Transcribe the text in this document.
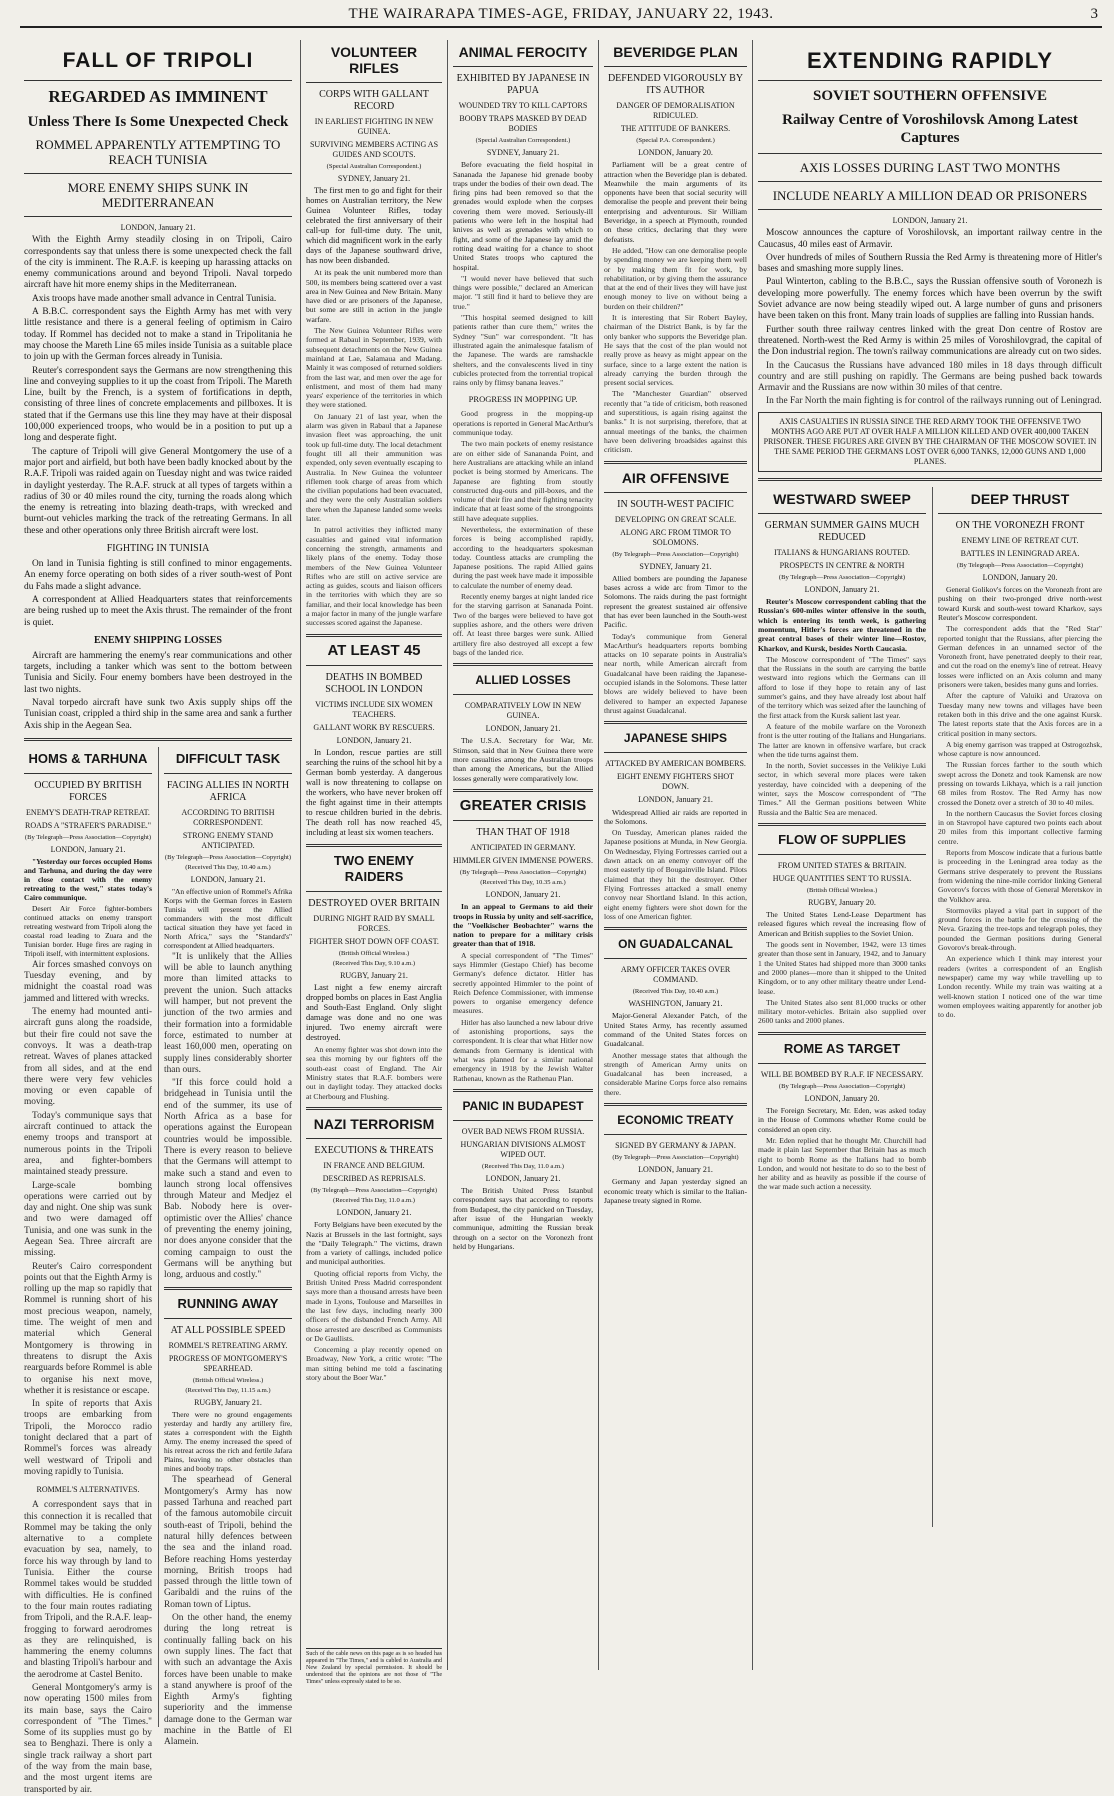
THE WAIRARAPA TIMES-AGE, FRIDAY, JANUARY 22, 1943.	3
FALL OF TRIPOLI
REGARDED AS IMMINENT
Unless There Is Some Unexpected Check
ROMMEL APPARENTLY ATTEMPTING TO REACH TUNISIA
MORE ENEMY SHIPS SUNK IN MEDITERRANEAN
LONDON, January 21.

With the Eighth Army steadily closing in on Tripoli, Cairo correspondents say that unless there is some unexpected check the fall of the city is imminent. The R.A.F. is keeping up harassing attacks on enemy communications around and beyond Tripoli. Naval torpedo aircraft have hit more enemy ships in the Mediterranean.

Axis troops have made another small advance in Central Tunisia.

A B.B.C. correspondent says the Eighth Army has met with very little resistance and there is a general feeling of optimism in Cairo today. If Rommel has decided not to make a stand in Tripolitania he may choose the Mareth Line 65 miles inside Tunisia as a suitable place to join up with the German forces already in Tunisia.

Reuter's correspondent says the Germans are now strengthening this line and conveying supplies to it up the coast from Tripoli. The Mareth Line, built by the French, is a system of fortifications in depth, consisting of three lines of concrete emplacements and pillboxes. It is stated that if the Germans use this line they may have at their disposal 100,000 experienced troops, who would be in a position to put up a long and desperate fight.

The capture of Tripoli will give General Montgomery the use of a major port and airfield, but both have been badly knocked about by the R.A.F. Tripoli was raided again on Tuesday night and was twice raided in daylight yesterday. The R.A.F. struck at all types of targets within a radius of 30 or 40 miles round the city, turning the roads along which the enemy is retreating into blazing death-traps, with wrecked and burnt-out vehicles marking the track of the retreating Germans. In all these and other operations only three British aircraft were lost.

FIGHTING IN TUNISIA

On land in Tunisia fighting is still confined to minor engagements. An enemy force operating on both sides of a river south-west of Pont du Fahs made a slight advance.

A correspondent at Allied Headquarters states that reinforcements are being rushed up to meet the Axis thrust. The remainder of the front is quiet.

ENEMY SHIPPING LOSSES

Aircraft are hammering the enemy's rear communications and other targets, including a tanker which was sent to the bottom between Tunisia and Sicily. Four enemy bombers have been destroyed in the last two nights.

Naval torpedo aircraft have sunk two Axis supply ships off the Tunisian coast, crippled a third ship in the same area and sank a further Axis ship in the Aegean Sea.

HOMS & TARHUNA
OCCUPIED BY BRITISH FORCES
ENEMY'S DEATH-TRAP RETREAT.
ROADS A "STRAFER'S PARADISE."
(By Telegraph—Press Association—Copyright)
LONDON, January 21.

"Yesterday our forces occupied Homs and Tarhuna, and during the day were in close contact with the enemy retreating to the west," states today's Cairo communique.

Desert Air Force fighter-bombers continued attacks on enemy transport retreating westward from Tripoli along the coastal road leading to Zuara and the Tunisian border. Huge fires are raging in Tripoli itself, with intermittent explosions.

Air forces smashed convoys on Tuesday evening, and by midnight the coastal road was jammed and littered with wrecks.

The enemy had mounted anti-aircraft guns along the roadside, but their fire could not save the convoys. It was a death-trap retreat. Waves of planes attacked from all sides, and at the end there were very few vehicles moving or even capable of moving.

Today's communique says that aircraft continued to attack the enemy troops and transport at numerous points in the Tripoli area, and fighter-bombers maintained steady pressure.

Large-scale bombing operations were carried out by day and night. One ship was sunk and two were damaged off Tunisia, and one was sunk in the Aegean Sea. Three aircraft are missing.

Reuter's Cairo correspondent points out that the Eighth Army is rolling up the map so rapidly that Rommel is running short of his most precious weapon, namely, time. The weight of men and material which General Montgomery is throwing in threatens to disrupt the Axis rearguards before Rommel is able to organise his next move, whether it is resistance or escape.

In spite of reports that Axis troops are embarking from Tripoli, the Morocco radio tonight declared that a part of Rommel's forces was already well westward of Tripoli and moving rapidly to Tunisia.

ROMMEL'S ALTERNATIVES.

A correspondent says that in this connection it is recalled that Rommel may be taking the only alternative to a complete evacuation by sea, namely, to force his way through by land to Tunisia. Either the course Rommel takes would be studded with difficulties. He is confined to the four main routes radiating from Tripoli, and the R.A.F. leap-frogging to forward aerodromes as they are relinquished, is hammering the enemy columns and blasting Tripoli's harbour and the aerodrome at Castel Benito.

General Montgomery's army is now operating 1500 miles from its main base, says the Cairo correspondent of "The Times." Some of its supplies must go by sea to Benghazi. There is only a single track railway a short part of the way from the main base, and the most urgent items are transported by air.

DIFFICULT TASK
FACING ALLIES IN NORTH AFRICA
ACCORDING TO BRITISH CORRESPONDENT.
STRONG ENEMY STAND ANTICIPATED.
(By Telegraph—Press Association—Copyright)
(Received This Day, 10.40 a.m.)
LONDON, January 21.

"An effective union of Rommel's Afrika Korps with the German forces in Eastern Tunisia will present the Allied commanders with the most difficult tactical situation they have yet faced in North Africa," says the "Standard's" correspondent at Allied headquarters.

"It is unlikely that the Allies will be able to launch anything more than limited attacks to prevent the union. Such attacks will hamper, but not prevent the junction of the two armies and their formation into a formidable force, estimated to number at least 160,000 men, operating on supply lines considerably shorter than ours.

"If this force could hold a bridgehead in Tunisia until the end of the summer, its use of North Africa as a base for operations against the European countries would be impossible. There is every reason to believe that the Germans will attempt to make such a stand and even to launch strong local offensives through Mateur and Medjez el Bab. Nobody here is over-optimistic over the Allies' chance of preventing the enemy joining, nor does anyone consider that the coming campaign to oust the Germans will be anything but long, arduous and costly."

RUNNING AWAY
AT ALL POSSIBLE SPEED
ROMMEL'S RETREATING ARMY.
PROGRESS OF MONTGOMERY'S SPEARHEAD.
(British Official Wireless.)
(Received This Day, 11.15 a.m.)
RUGBY, January 21.

There were no ground engagements yesterday and hardly any artillery fire, states a correspondent with the Eighth Army. The enemy increased the speed of his retreat across the rich and fertile Jafara Plains, leaving no other obstacles than mines and booby traps.

The spearhead of General Montgomery's Army has now passed Tarhuna and reached part of the famous automobile circuit south-east of Tripoli, behind the natural hilly defences between the sea and the inland road. Before reaching Homs yesterday morning, British troops had passed through the little town of Garibaldi and the ruins of the Roman town of Liptus.

On the other hand, the enemy during the long retreat is continually falling back on his own supply lines. The fact that with such an advantage the Axis forces have been unable to make a stand anywhere is proof of the Eighth Army's fighting superiority and the immense damage done to the German war machine in the Battle of El Alamein.

VOLUNTEER RIFLES
CORPS WITH GALLANT RECORD
IN EARLIEST FIGHTING IN NEW GUINEA.
SURVIVING MEMBERS ACTING AS GUIDES AND SCOUTS.
(Special Australian Correspondent.)
SYDNEY, January 21.

The first men to go and fight for their homes on Australian territory, the New Guinea Volunteer Rifles, today celebrated the first anniversary of their call-up for full-time duty. The unit, which did magnificent work in the early days of the Japanese southward drive, has now been disbanded.

At its peak the unit numbered more than 500, its members being scattered over a vast area in New Guinea and New Britain. Many have died or are prisoners of the Japanese, but some are still in action in the jungle warfare.

The New Guinea Volunteer Rifles were formed at Rabaul in September, 1939, with subsequent detachments on the New Guinea mainland at Lae, Salamaua and Madang. Mainly it was composed of returned soldiers from the last war, and men over the age for enlistment, and most of them had many years' experience of the territories in which they were stationed.

On January 21 of last year, when the alarm was given in Rabaul that a Japanese invasion fleet was approaching, the unit took up full-time duty. The local detachment fought till all their ammunition was expended, only seven eventually escaping to Australia. In New Guinea the volunteer riflemen took charge of areas from which the civilian populations had been evacuated, and they were the only Australian soldiers there when the Japanese landed some weeks later.

In patrol activities they inflicted many casualties and gained vital information concerning the strength, armaments and likely plans of the enemy. Today those members of the New Guinea Volunteer Rifles who are still on active service are acting as guides, scouts and liaison officers in the territories with which they are so familiar, and their local knowledge has been a major factor in many of the jungle warfare successes scored against the Japanese.

AT LEAST 45
DEATHS IN BOMBED SCHOOL IN LONDON
VICTIMS INCLUDE SIX WOMEN TEACHERS.
GALLANT WORK BY RESCUERS.
LONDON, January 21.

In London, rescue parties are still searching the ruins of the school hit by a German bomb yesterday. A dangerous wall is now threatening to collapse on the workers, who have never broken off the fight against time in their attempts to rescue children buried in the debris. The death roll has now reached 45, including at least six women teachers.

TWO ENEMY RAIDERS
DESTROYED OVER BRITAIN
DURING NIGHT RAID BY SMALL FORCES.
FIGHTER SHOT DOWN OFF COAST.
(British Official Wireless.)
(Received This Day, 9.10 a.m.)
RUGBY, January 21.

Last night a few enemy aircraft dropped bombs on places in East Anglia and South-East England. Only slight damage was done and no one was injured. Two enemy aircraft were destroyed.

An enemy fighter was shot down into the sea this morning by our fighters off the south-east coast of England. The Air Ministry states that R.A.F. bombers were out in daylight today. They attacked docks at Cherbourg and Flushing.

NAZI TERRORISM
EXECUTIONS & THREATS
IN FRANCE AND BELGIUM.
DESCRIBED AS REPRISALS.
(By Telegraph—Press Association—Copyright)
(Received This Day, 11.0 a.m.)
LONDON, January 21.

Forty Belgians have been executed by the Nazis at Brussels in the last fortnight, says the "Daily Telegraph." The victims, drawn from a variety of callings, included police and municipal authorities.

Quoting official reports from Vichy, the British United Press Madrid correspondent says more than a thousand arrests have been made in Lyons, Toulouse and Marseilles in the last few days, including nearly 300 officers of the disbanded French Army. All those arrested are described as Communists or De Gaullists.

Concerning a play recently opened on Broadway, New York, a critic wrote: "The man sitting behind me told a fascinating story about the Boer War."

ANIMAL FEROCITY
EXHIBITED BY JAPANESE IN PAPUA
WOUNDED TRY TO KILL CAPTORS
BOOBY TRAPS MASKED BY DEAD BODIES
(Special Australian Correspondent.)
SYDNEY, January 21.

Before evacuating the field hospital in Sananada the Japanese hid grenade booby traps under the bodies of their own dead. The firing pins had been removed so that the grenades would explode when the corpses covering them were moved. Seriously-ill patients who were left in the hospital had knives as well as grenades with which to fight, and some of the Japanese lay amid the rotting dead waiting for a chance to shoot United States troops who captured the hospital.

"I would never have believed that such things were possible," declared an American major. "I still find it hard to believe they are true."

"This hospital seemed designed to kill patients rather than cure them," writes the Sydney "Sun" war correspondent. "It has illustrated again the animalesque fatalism of the Japanese. The wards are ramshackle shelters, and the convalescents lived in tiny cubicles protected from the torrential tropical rains only by flimsy banana leaves."

PROGRESS IN MOPPING UP.

Good progress in the mopping-up operations is reported in General MacArthur's communique today.

The two main pockets of enemy resistance are on either side of Sanananda Point, and here Australians are attacking while an inland pocket is being stormed by Americans. The Japanese are fighting from stoutly constructed dug-outs and pill-boxes, and the volume of their fire and their fighting tenacity indicate that at least some of the strongpoints still have adequate supplies.

Nevertheless, the extermination of these forces is being accomplished rapidly, according to the headquarters spokesman today. Countless attacks are crumpling the Japanese positions. The rapid Allied gains during the past week have made it impossible to calculate the number of enemy dead.

Recently enemy barges at night landed rice for the starving garrison at Sananada Point. Two of the barges were believed to have got supplies ashore, and the others were driven off. At least three barges were sunk. Allied artillery fire also destroyed all except a few bags of the landed rice.

ALLIED LOSSES
COMPARATIVELY LOW IN NEW GUINEA.
LONDON, January 21.

The U.S.A. Secretary for War, Mr. Stimson, said that in New Guinea there were more casualties among the Australian troops than among the Americans, but the Allied losses generally were comparatively low.

GREATER CRISIS
THAN THAT OF 1918
ANTICIPATED IN GERMANY.
HIMMLER GIVEN IMMENSE POWERS.
(By Telegraph—Press Association—Copyright)
(Received This Day, 10.35 a.m.)
LONDON, January 21.

In an appeal to Germans to aid their troops in Russia by unity and self-sacrifice, the "Voelkischer Beobachter" warns the nation to prepare for a military crisis greater than that of 1918.

A special correspondent of "The Times" says Himmler (Gestapo Chief) has become Germany's defence dictator. Hitler has secretly appointed Himmler to the point of Reich Defence Commissioner, with immense powers to organise emergency defence measures.

Hitler has also launched a new labour drive of astonishing proportions, says the correspondent. It is clear that what Hitler now demands from Germany is identical with what was planned for a similar national emergency in 1918 by the Jewish Walter Rathenau, known as the Rathenau Plan.

PANIC IN BUDAPEST
OVER BAD NEWS FROM RUSSIA.
HUNGARIAN DIVISIONS ALMOST WIPED OUT.
(Received This Day, 11.0 a.m.)
LONDON, January 21.

The British United Press Istanbul correspondent says that according to reports from Budapest, the city panicked on Tuesday, after issue of the Hungarian weekly communique, admitting the Russian break through on a sector on the Voronezh front held by Hungarians.

BEVERIDGE PLAN
DEFENDED VIGOROUSLY BY ITS AUTHOR
DANGER OF DEMORALISATION RIDICULED.
THE ATTITUDE OF BANKERS.
(Special P.A. Correspondent.)
LONDON, January 20.

Parliament will be a great centre of attraction when the Beveridge plan is debated. Meanwhile the main arguments of its opponents have been that social security will demoralise the people and prevent their being enterprising and adventurous. Sir William Beveridge, in a speech at Plymouth, rounded on these critics, declaring that they were defeatists.

He added, "How can one demoralise people by spending money we are keeping them well or by making them fit for work, by rehabilitation, or by giving them the assurance that at the end of their lives they will have just enough money to live on without being a burden on their children?"

It is interesting that Sir Robert Bayley, chairman of the District Bank, is by far the only banker who supports the Beveridge plan. He says that the cost of the plan would not really prove as heavy as might appear on the surface, since to a large extent the nation is already carrying the burden through the present social services.

The "Manchester Guardian" observed recently that "a tide of criticism, both reasoned and superstitious, is again rising against the banks." It is not surprising, therefore, that at annual meetings of the banks, the chairmen have been delivering broadsides against this criticism.

AIR OFFENSIVE
IN SOUTH-WEST PACIFIC
DEVELOPING ON GREAT SCALE.
ALONG ARC FROM TIMOR TO SOLOMONS.
(By Telegraph—Press Association—Copyright)
SYDNEY, January 21.

Allied bombers are pounding the Japanese bases across a wide arc from Timor to the Solomons. The raids during the past fortnight represent the greatest sustained air offensive that has ever been launched in the South-west Pacific.

Today's communique from General MacArthur's headquarters reports bombing attacks on 10 separate points in Australia's near north, while American aircraft from Guadalcanal have been raiding the Japanese-occupied islands in the Solomons. These latter blows are widely believed to have been delivered to hamper an expected Japanese thrust against Guadalcanal.

JAPANESE SHIPS
ATTACKED BY AMERICAN BOMBERS.
EIGHT ENEMY FIGHTERS SHOT DOWN.
LONDON, January 21.

Widespread Allied air raids are reported in the Solomons.

On Tuesday, American planes raided the Japanese positions at Munda, in New Georgia. On Wednesday, Flying Fortresses carried out a dawn attack on an enemy convoyer off the most easterly tip of Bougainville Island. Pilots claimed that they hit the destroyer. Other Flying Fortresses attacked a small enemy convoy near Shortland Island. In this action, eight enemy fighters were shot down for the loss of one American fighter.

ON GUADALCANAL
ARMY OFFICER TAKES OVER COMMAND.
(Received This Day, 10.40 a.m.)
WASHINGTON, January 21.

Major-General Alexander Patch, of the United States Army, has recently assumed command of the United States forces on Guadalcanal.

Another message states that although the strength of American Army units on Guadalcanal has been increased, a considerable Marine Corps force also remains there.

ECONOMIC TREATY
SIGNED BY GERMANY & JAPAN.
(By Telegraph—Press Association—Copyright)
LONDON, January 21.

Germany and Japan yesterday signed an economic treaty which is similar to the Italian-Japanese treaty signed in Rome.

EXTENDING RAPIDLY
SOVIET SOUTHERN OFFENSIVE
Railway Centre of Voroshilovsk Among Latest Captures
AXIS LOSSES DURING LAST TWO MONTHS
INCLUDE NEARLY A MILLION DEAD OR PRISONERS
LONDON, January 21.

Moscow announces the capture of Voroshilovsk, an important railway centre in the Caucasus, 40 miles east of Armavir.

Over hundreds of miles of Southern Russia the Red Army is threatening more of Hitler's bases and smashing more supply lines.

Paul Winterton, cabling to the B.B.C., says the Russian offensive south of Voronezh is developing more powerfully. The enemy forces which have been overrun by the swift Soviet advance are now being steadily wiped out. A large number of guns and prisoners have been taken on this front. Many train loads of supplies are falling into Russian hands.

Further south three railway centres linked with the great Don centre of Rostov are threatened. North-west the Red Army is within 25 miles of Voroshilovgrad, the capital of the Don industrial region. The town's railway communications are already cut on two sides.

In the Caucasus the Russians have advanced 180 miles in 18 days through difficult country and are still pushing on rapidly. The Germans are being pushed back towards Armavir and the Russians are now within 30 miles of that centre.

In the Far North the main fighting is for control of the railways running out of Leningrad.

AXIS CASUALTIES IN RUSSIA SINCE THE RED ARMY TOOK THE OFFENSIVE TWO MONTHS AGO ARE PUT AT OVER HALF A MILLION KILLED AND OVER 400,000 TAKEN PRISONER. THESE FIGURES ARE GIVEN BY THE CHAIRMAN OF THE MOSCOW SOVIET. IN THE SAME PERIOD THE GERMANS LOST OVER 6,000 TANKS, 12,000 GUNS AND 1,000 PLANES.
WESTWARD SWEEP
GERMAN SUMMER GAINS MUCH REDUCED
ITALIANS & HUNGARIANS ROUTED.
PROSPECTS IN CENTRE & NORTH
(By Telegraph—Press Association—Copyright)
LONDON, January 21.

Reuter's Moscow correspondent cabling that the Russian's 600-miles winter offensive in the south, which is entering its tenth week, is gathering momentum, Hitler's forces are threatened in the great central bases of their winter line—Rostov, Kharkov, and Kursk, besides North Caucasia.

The Moscow correspondent of "The Times" says that the Russians in the south are carrying the battle westward into regions which the Germans can ill afford to lose if they hope to retain any of last summer's gains, and they have already lost about half of the territory which was seized after the launching of the first attack from the Kursk salient last year.

A feature of the mobile warfare on the Voronezh front is the utter routing of the Italians and Hungarians. The latter are known in offensive warfare, but crack when the tide turns against them.

In the north, Soviet successes in the Velikiye Luki sector, in which several more places were taken yesterday, have coincided with a deepening of the winter, says the Moscow correspondent of "The Times." All the German positions between White Russia and the Baltic Sea are menaced.

FLOW OF SUPPLIES
FROM UNITED STATES & BRITAIN.
HUGE QUANTITIES SENT TO RUSSIA.
(British Official Wireless.)
RUGBY, January 20.

The United States Lend-Lease Department has released figures which reveal the increasing flow of American and British supplies to the Soviet Union.

The goods sent in November, 1942, were 13 times greater than those sent in January, 1942, and to January 1 the United States had shipped more than 3000 tanks and 2000 planes—more than it shipped to the United Kingdom, or to any other military theatre under Lend-lease.

The United States also sent 81,000 trucks or other military motor-vehicles. Britain also supplied over 2600 tanks and 2000 planes.

ROME AS TARGET
WILL BE BOMBED BY R.A.F. IF NECESSARY.
(By Telegraph—Press Association—Copyright)
LONDON, January 20.

The Foreign Secretary, Mr. Eden, was asked today in the House of Commons whether Rome could be considered an open city.

Mr. Eden replied that he thought Mr. Churchill had made it plain last September that Britain has as much right to bomb Rome as the Italians had to bomb London, and would not hesitate to do so to the best of her ability and as heavily as possible if the course of the war made such action a necessity.

DEEP THRUST
ON THE VORONEZH FRONT
ENEMY LINE OF RETREAT CUT.
BATTLES IN LENINGRAD AREA.
(By Telegraph—Press Association—Copyright)
LONDON, January 20.

General Golikov's forces on the Voronezh front are pushing on their two-pronged drive north-west toward Kursk and south-west toward Kharkov, says Reuter's Moscow correspondent.

The correspondent adds that the "Red Star" reported tonight that the Russians, after piercing the German defences in an unnamed sector of the Voronezh front, have penetrated deeply to their rear, and cut the road on the enemy's line of retreat. Heavy losses were inflicted on an Axis column and many prisoners were taken, besides many guns and lorries.

After the capture of Valuiki and Urazova on Tuesday many new towns and villages have been retaken both in this drive and the one against Kursk. The latest reports state that the Axis forces are in a critical position in many sectors.

A big enemy garrison was trapped at Ostrogozhsk, whose capture is now announced.

The Russian forces farther to the south which swept across the Donetz and took Kamensk are now pressing on towards Likhaya, which is a rail junction 68 miles from Rostov. The Red Army has now crossed the Donetz over a stretch of 30 to 40 miles.

In the northern Caucasus the Soviet forces closing in on Stavropol have captured two points each about 20 miles from this important collective farming centre.

Reports from Moscow indicate that a furious battle is proceeding in the Leningrad area today as the Germans strive desperately to prevent the Russians from widening the nine-mile corridor linking General Govorov's forces with those of General Meretskov in the Volkhov area.

Stormoviks played a vital part in support of the ground forces in the battle for the crossing of the Neva. Grazing the tree-tops and telegraph poles, they pounded the German positions during General Govorov's break-through.

An experience which I think may interest your readers (writes a correspondent of an English newspaper) came my way while travelling up to London recently. While my train was waiting at a well-known station I noticed one of the war time women employees waiting apparently for another job to do.

Such of the cable news on this page as is so headed has appeared in "The Times," and is cabled to Australia and New Zealand by special permission. It should be understood that the opinions are not those of "The Times" unless expressly stated to be so.
